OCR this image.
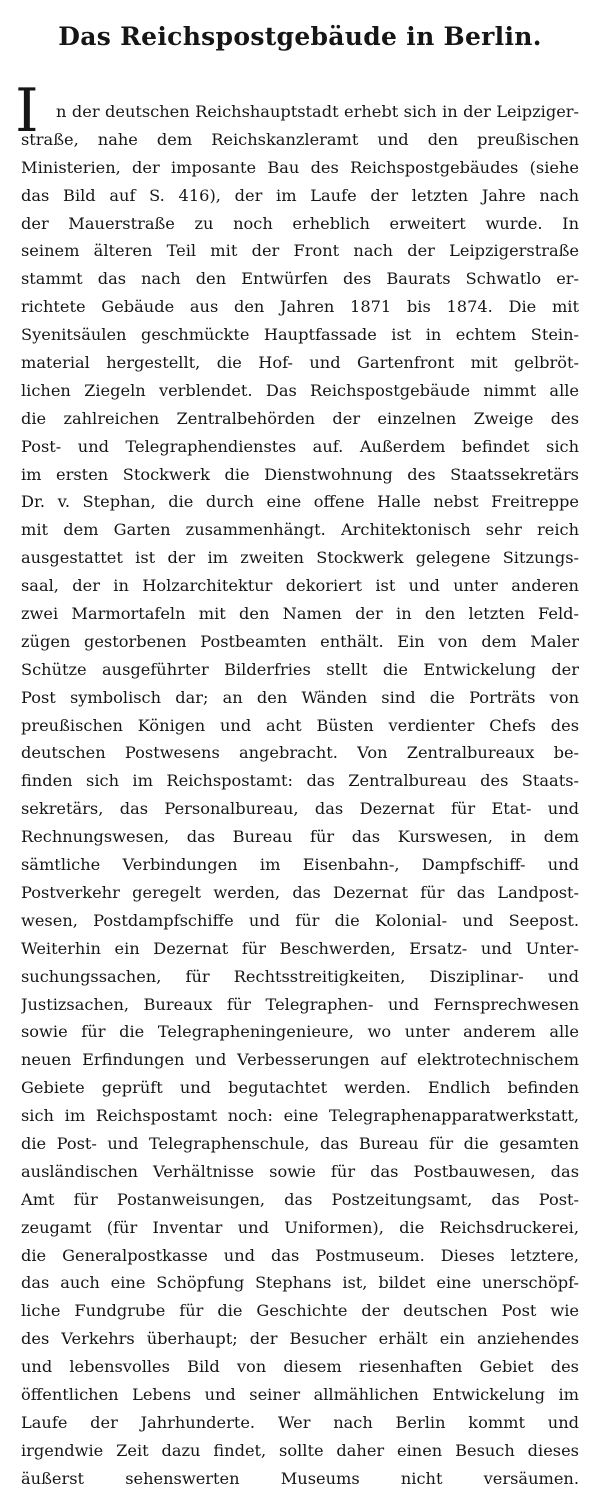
Das Reichspostgebäude in Berlin.
I	n der deutschen Reichshauptstadt erhebt sich in der Leipziger-
straße, nahe dem Reichskanzleramt und den preußischen
Ministerien, der imposante Bau des Reichspostgebäudes (siehe
das Bild auf S. 416), der im Laufe der letzten Jahre nach
der Mauerstraße zu noch erheblich erweitert wurde. In
seinem älteren Teil mit der Front nach der Leipzigerstraße
stammt das nach den Entwürfen des Baurats Schwatlo er-
richtete Gebäude aus den Jahren 1871 bis 1874. Die mit
Syenitsäulen geschmückte Hauptfassade ist in echtem Stein-
material hergestellt, die Hof- und Gartenfront mit gelbröt-
lichen Ziegeln verblendet. Das Reichspostgebäude nimmt alle
die zahlreichen Zentralbehörden der einzelnen Zweige des
Post- und Telegraphendienstes auf. Außerdem befindet sich
im ersten Stockwerk die Dienstwohnung des Staatssekretärs
Dr. v. Stephan, die durch eine offene Halle nebst Freitreppe
mit dem Garten zusammenhängt. Architektonisch sehr reich
ausgestattet ist der im zweiten Stockwerk gelegene Sitzungs-
saal, der in Holzarchitektur dekoriert ist und unter anderen
zwei Marmortafeln mit den Namen der in den letzten Feld-
zügen gestorbenen Postbeamten enthält. Ein von dem Maler
Schütze ausgeführter Bilderfries stellt die Entwickelung der
Post symbolisch dar; an den Wänden sind die Porträts von
preußischen Königen und acht Büsten verdienter Chefs des
deutschen Postwesens angebracht. Von Zentralbureaux be-
finden sich im Reichspostamt: das Zentralbureau des Staats-
sekretärs, das Personalbureau, das Dezernat für Etat- und
Rechnungswesen, das Bureau für das Kurswesen, in dem
sämtliche Verbindungen im Eisenbahn-, Dampfschiff- und
Postverkehr geregelt werden, das Dezernat für das Landpost-
wesen, Postdampfschiffe und für die Kolonial- und Seepost.
Weiterhin ein Dezernat für Beschwerden, Ersatz- und Unter-
suchungssachen, für Rechtsstreitigkeiten, Disziplinar- und
Justizsachen, Bureaux für Telegraphen- und Fernsprechwesen
sowie für die Telegrapheningenieure, wo unter anderem alle
neuen Erfindungen und Verbesserungen auf elektrotechnischem
Gebiete geprüft und begutachtet werden. Endlich befinden
sich im Reichspostamt noch: eine Telegraphenapparatwerkstatt,
die Post- und Telegraphenschule, das Bureau für die gesamten
ausländischen Verhältnisse sowie für das Postbauwesen, das
Amt für Postanweisungen, das Postzeitungsamt, das Post-
zeugamt (für Inventar und Uniformen), die Reichsdruckerei,
die Generalpostkasse und das Postmuseum. Dieses letztere,
das auch eine Schöpfung Stephans ist, bildet eine unerschöpf-
liche Fundgrube für die Geschichte der deutschen Post wie
des Verkehrs überhaupt; der Besucher erhält ein anziehendes
und lebensvolles Bild von diesem riesenhaften Gebiet des
öffentlichen Lebens und seiner allmählichen Entwickelung im
Laufe der Jahrhunderte. Wer nach Berlin kommt und
irgendwie Zeit dazu findet, sollte daher einen Besuch dieses
äußerst sehenswerten Museums nicht versäumen.
